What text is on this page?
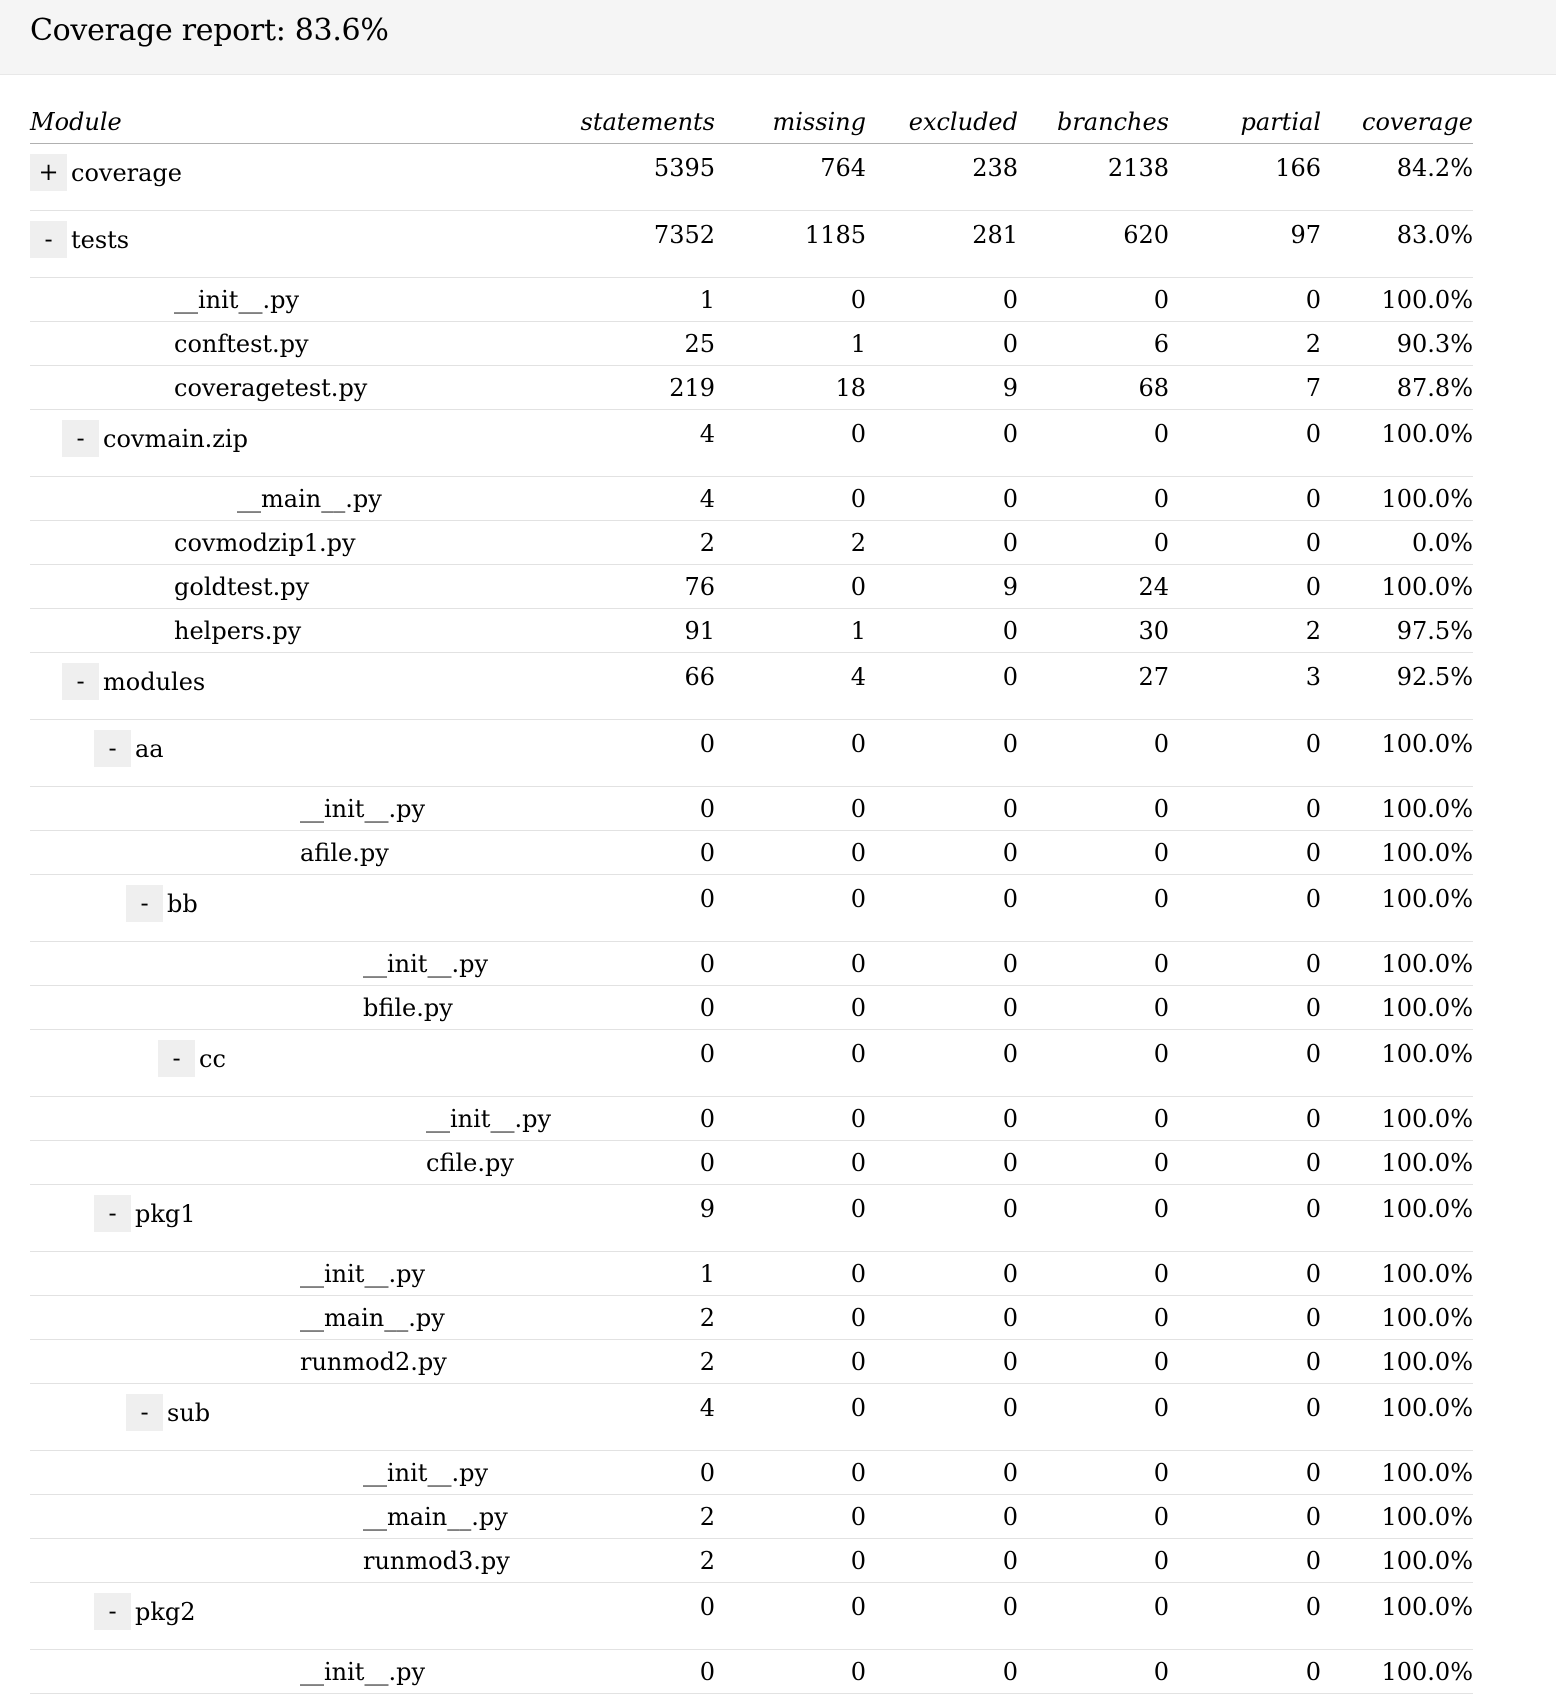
Coverage report: 83.6%
Module	statements	missing	excluded	branches	partial	coverage

+ coverage	5395	764	238	2138	166	84.2%

- tests	7352	1185	281	620	97	83.0%
__init__.py	1	0	0	0	0	100.0%
conftest.py	25	1	0	6	2	90.3%
coveragetest.py	219	18	9	68	7	87.8%

- covmain.zip	4	0	0	0	0	100.0%
__main__.py	4	0	0	0	0	100.0%
covmodzip1.py	2	2	0	0	0	0.0%
goldtest.py	76	0	9	24	0	100.0%
helpers.py	91	1	0	30	2	97.5%

- modules	66	4	0	27	3	92.5%

- aa	0	0	0	0	0	100.0%
__init__.py	0	0	0	0	0	100.0%
afile.py	0	0	0	0	0	100.0%

- bb	0	0	0	0	0	100.0%
__init__.py	0	0	0	0	0	100.0%
bfile.py	0	0	0	0	0	100.0%

- cc	0	0	0	0	0	100.0%
__init__.py	0	0	0	0	0	100.0%
cfile.py	0	0	0	0	0	100.0%

- pkg1	9	0	0	0	0	100.0%
__init__.py	1	0	0	0	0	100.0%
__main__.py	2	0	0	0	0	100.0%
runmod2.py	2	0	0	0	0	100.0%

- sub	4	0	0	0	0	100.0%
__init__.py	0	0	0	0	0	100.0%
__main__.py	2	0	0	0	0	100.0%
runmod3.py	2	0	0	0	0	100.0%

- pkg2	0	0	0	0	0	100.0%
__init__.py	0	0	0	0	0	100.0%
